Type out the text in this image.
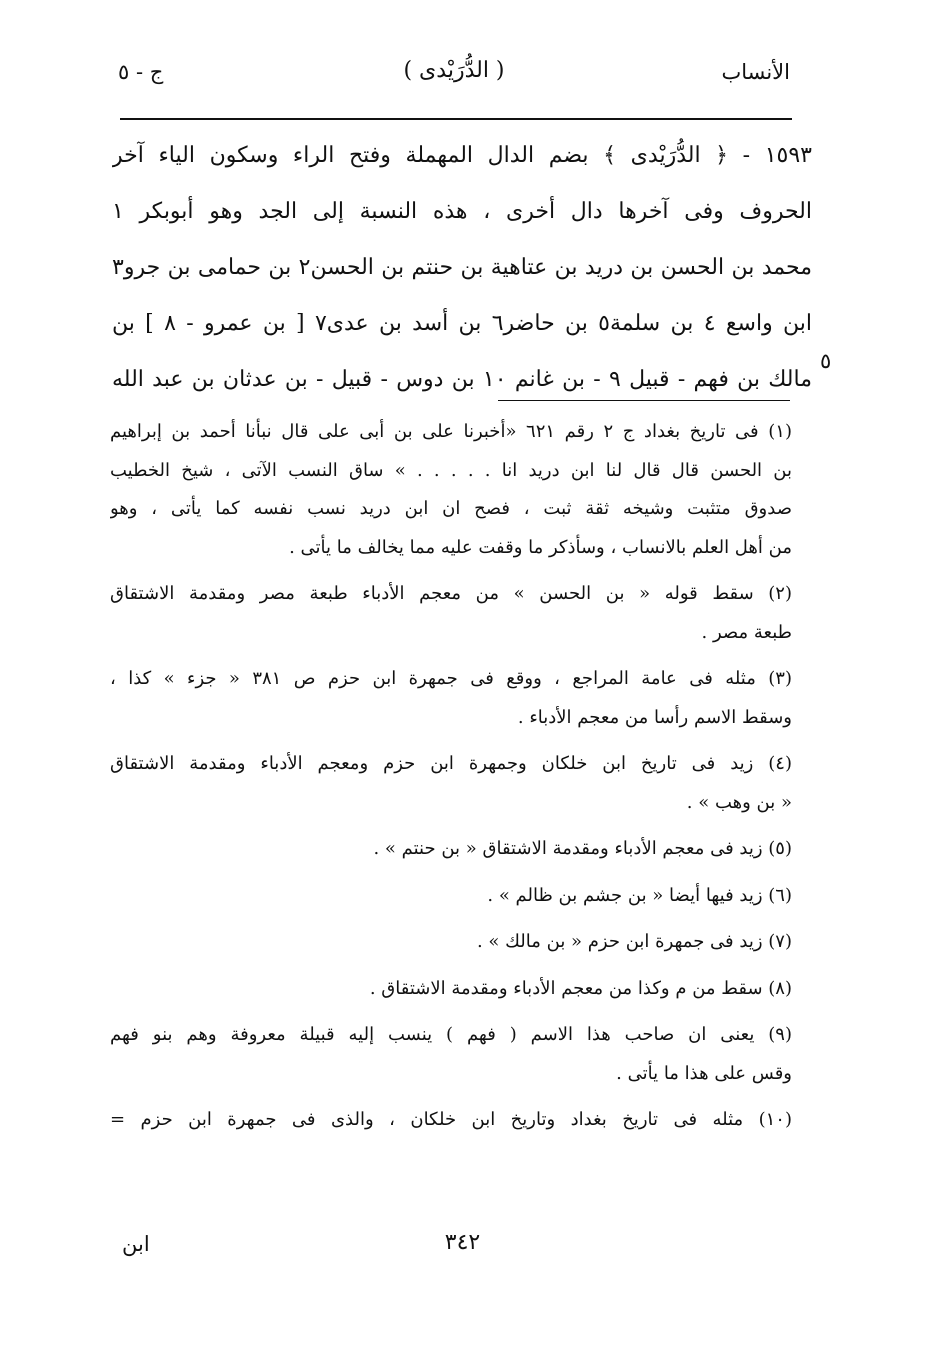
الأنساب
( الدُّرَيْدى )
ج - ٥
١٥٩٣ - ﴿ الدُّرَيْدى ﴾ بضم الدال المهملة وفتح الراء وسكون الياء آخر
الحروف وفى آخرها دال أخرى ، هذه النسبة إلى الجد وهو أبوبكر ١
محمد بن الحسن بن دريد بن عتاهية بن حنتم بن الحسن٢ بن حمامى بن جرو٣
ابن واسع ٤ بن سلمة٥ بن حاضر٦ بن أسد بن عدى٧ [ بن عمرو - ٨ ] بن
مالك بن فهم - قبيل ٩ - بن غانم ١٠ بن دوس - قبيل - بن عدثان بن عبد الله
٥
(١) فى تاريخ بغداد ج ٢ رقم ٦٢١ «أخبرنا على بن أبى على قال نبأنا أحمد بن إبراهيم
بن الحسن قال قال لنا ابن دريد انا . . . . . » ساق النسب الآتى ، شيخ الخطيب
صدوق متثبت وشيخه ثقة ثبت ، فصح ان ابن دريد نسب نفسه كما يأتى ، وهو
من أهل العلم بالانساب ، وسأذكر ما وقفت عليه مما يخالف ما يأتى .
(٢) سقط قوله « بن الحسن » من معجم الأدباء طبعة مصر ومقدمة الاشتقاق
طبعة مصر .
(٣) مثله فى عامة المراجع ، ووقع فى جمهرة ابن حزم ص ٣٨١ « جزء » كذا ،
وسقط الاسم رأسا من معجم الأدباء .
(٤) زيد فى تاريخ ابن خلكان وجمهرة ابن حزم ومعجم الأدباء ومقدمة الاشتقاق
« بن وهب » .
(٥) زيد فى معجم الأدباء ومقدمة الاشتقاق « بن حنتم » .
(٦) زيد فيها أيضا « بن جشم بن ظالم » .
(٧) زيد فى جمهرة ابن حزم « بن مالك » .
(٨) سقط من م وكذا من معجم الأدباء ومقدمة الاشتقاق .
(٩) يعنى ان صاحب هذا الاسم ( فهم ) ينسب إليه قبيلة معروفة وهم بنو فهم
وقس على هذا ما يأتى .
(١٠) مثله فى تاريخ بغداد وتاريخ ابن خلكان ، والذى فى جمهرة ابن حزم =
٣٤٢
ابن
